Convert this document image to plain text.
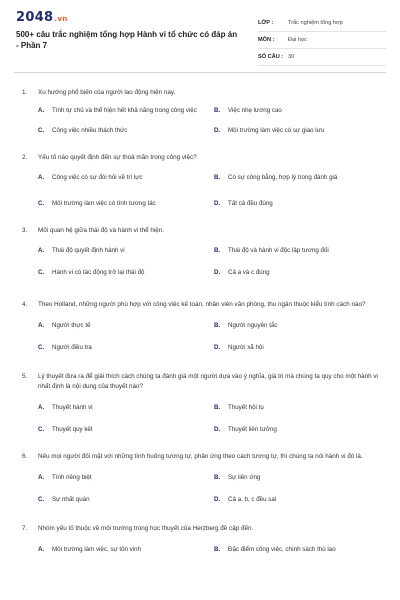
2048.vn
500+ câu trắc nghiệm tổng hợp Hành vi tổ chức có đáp án - Phần 7
LỚP :	Trắc nghiệm tổng hợp
MÔN :	Đại học
SỐ CÂU : 30
1.	Xu hướng phổ biến của người lao động hiện nay.
A.	Tính tự chủ và thể hiện hết khả năng trong công việc	B.	Việc nhẹ lương cao
C.	Công việc nhiều thách thức	D.	Môi trường làm việc có sự giao lưu
2.	Yếu tố nào quyết định đến sự thoả mãn trong công việc?
A.	Công việc có sự đòi hỏi về trí lực	B.	Có sự công bằng, hợp lý trong đánh giá
C.	Môi trường làm việc có tính tương tác	D.	Tất cả đều đúng
3.	Mối quan hệ giữa thái độ và hành vi thể hiện.
A.	Thái độ quyết định hành vi	B.	Thái độ và hành vi độc lập tương đối
C.	Hành vi có tác động trở lại thái độ	D.	Cả a và c đúng
4.	Theo Holland, những người phù hợp với công việc kế toán, nhân viên văn phòng, thu ngân thuộc kiểu tính cách nào?
A.	Người thực tế	B.	Người nguyên tắc
C.	Người điều tra	D.	Người xã hội
5.	Lý thuyết đưa ra để giải thích cách chúng ta đánh giá một người dựa vào ý nghĩa, giá trị mà chúng ta quy cho một hành vi nhất định là nội dung của thuyết nào?
A.	Thuyết hành vi	B.	Thuyết hội tụ
C.	Thuyết quy kết	D.	Thuyết liên tưởng
6.	Nếu mọi người đối mặt với những tình huống tương tự, phản ứng theo cách tương tự, thì chúng ta nói hành vi đó là.
A.	Tính riêng biệt	B.	Sự liên ứng
C.	Sự nhất quán	D.	Cả a, b, c đều sai
7.	Nhóm yếu tố thuộc về môi trường trong học thuyết của Herzberg đề cập đến.
A.	Môi trường làm việc, sự tôn vinh	B.	Đặc điểm công việc, chính sách thù lao
